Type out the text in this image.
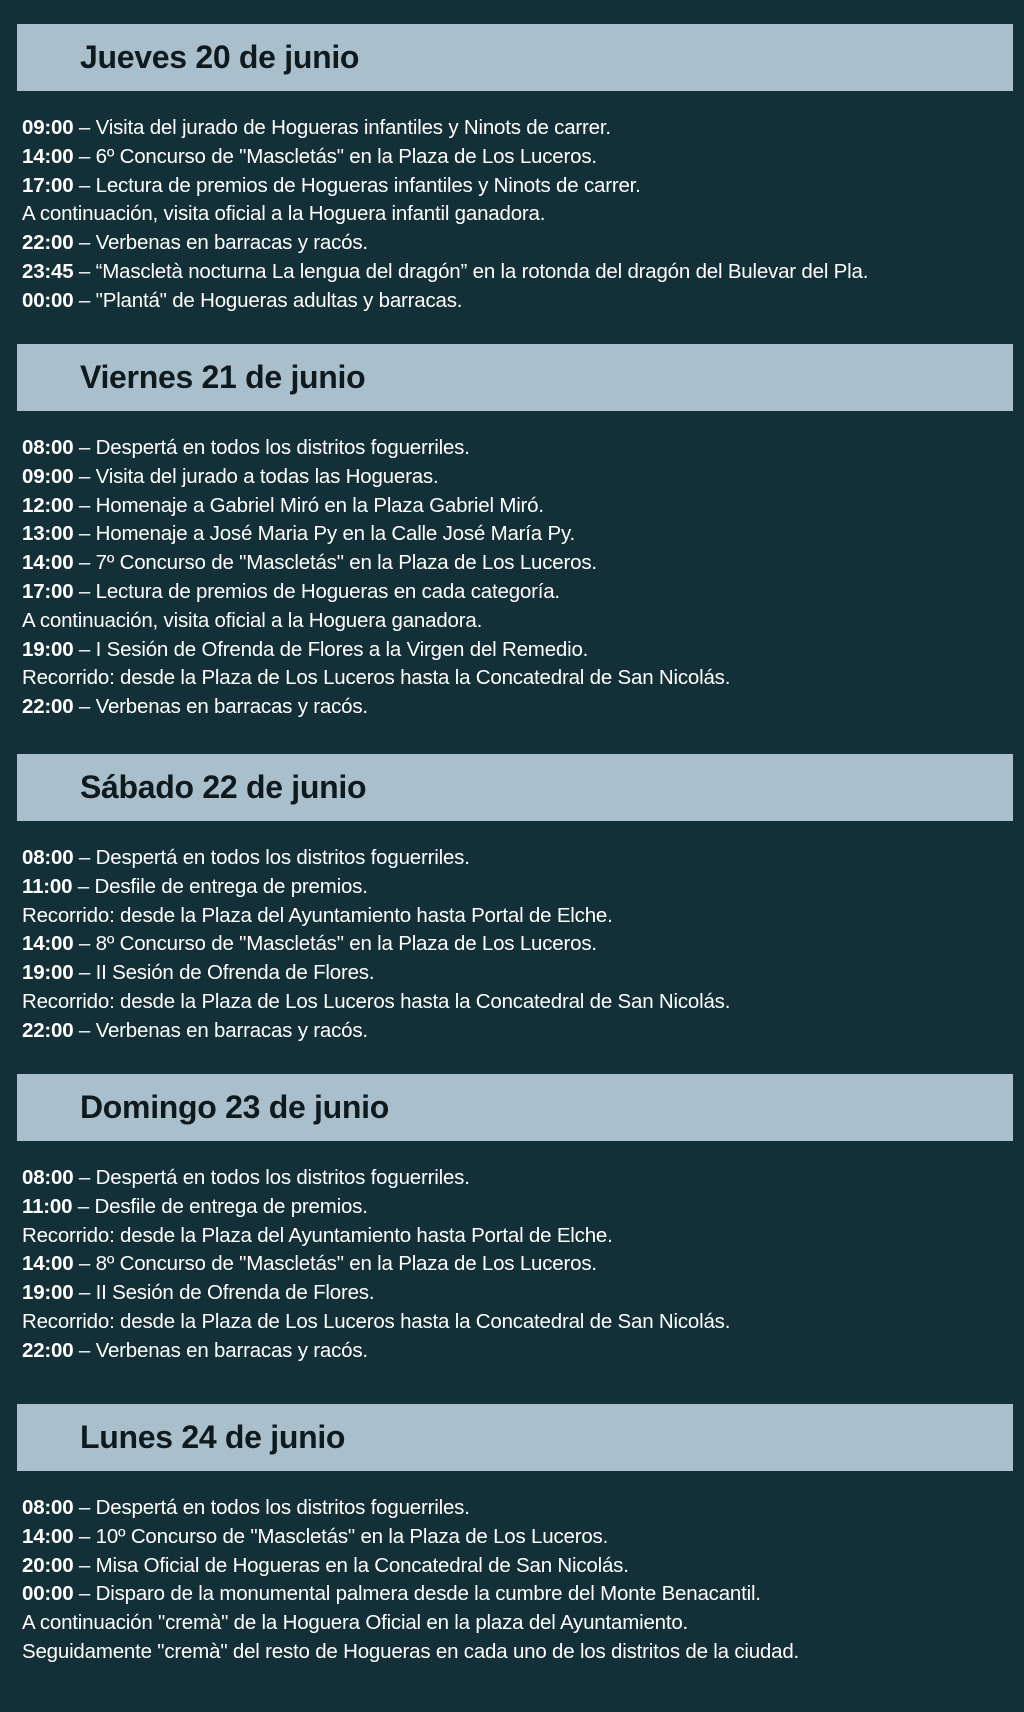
Jueves 20 de junio
09:00 – Visita del jurado de Hogueras infantiles y Ninots de carrer.
14:00 – 6º Concurso de "Mascletás" en la Plaza de Los Luceros.
17:00 – Lectura de premios de Hogueras infantiles y Ninots de carrer.
A continuación, visita oficial a la Hoguera infantil ganadora.
22:00 – Verbenas en barracas y racós.
23:45 – “Mascletà nocturna La lengua del dragón” en la rotonda del dragón del Bulevar del Pla.
00:00 – "Plantá" de Hogueras adultas y barracas.
Viernes 21 de junio
08:00 – Despertá en todos los distritos foguerriles.
09:00 – Visita del jurado a todas las Hogueras.
12:00 – Homenaje a Gabriel Miró en la Plaza Gabriel Miró.
13:00 – Homenaje a José Maria Py en la Calle José María Py.
14:00 – 7º Concurso de "Mascletás" en la Plaza de Los Luceros.
17:00 – Lectura de premios de Hogueras en cada categoría.
A continuación, visita oficial a la Hoguera ganadora.
19:00 – I Sesión de Ofrenda de Flores a la Virgen del Remedio.
Recorrido: desde la Plaza de Los Luceros hasta la Concatedral de San Nicolás.
22:00 – Verbenas en barracas y racós.
Sábado 22 de junio
08:00 – Despertá en todos los distritos foguerriles.
11:00 – Desfile de entrega de premios.
Recorrido: desde la Plaza del Ayuntamiento hasta Portal de Elche.
14:00 – 8º Concurso de "Mascletás" en la Plaza de Los Luceros.
19:00 – II Sesión de Ofrenda de Flores.
Recorrido: desde la Plaza de Los Luceros hasta la Concatedral de San Nicolás.
22:00 – Verbenas en barracas y racós.
Domingo 23 de junio
08:00 – Despertá en todos los distritos foguerriles.
11:00 – Desfile de entrega de premios.
Recorrido: desde la Plaza del Ayuntamiento hasta Portal de Elche.
14:00 – 8º Concurso de "Mascletás" en la Plaza de Los Luceros.
19:00 – II Sesión de Ofrenda de Flores.
Recorrido: desde la Plaza de Los Luceros hasta la Concatedral de San Nicolás.
22:00 – Verbenas en barracas y racós.
Lunes 24 de junio
08:00 – Despertá en todos los distritos foguerriles.
14:00 – 10º Concurso de "Mascletás" en la Plaza de Los Luceros.
20:00 – Misa Oficial de Hogueras en la Concatedral de San Nicolás.
00:00 – Disparo de la monumental palmera desde la cumbre del Monte Benacantil.
A continuación "cremà" de la Hoguera Oficial en la plaza del Ayuntamiento.
Seguidamente "cremà" del resto de Hogueras en cada uno de los distritos de la ciudad.
